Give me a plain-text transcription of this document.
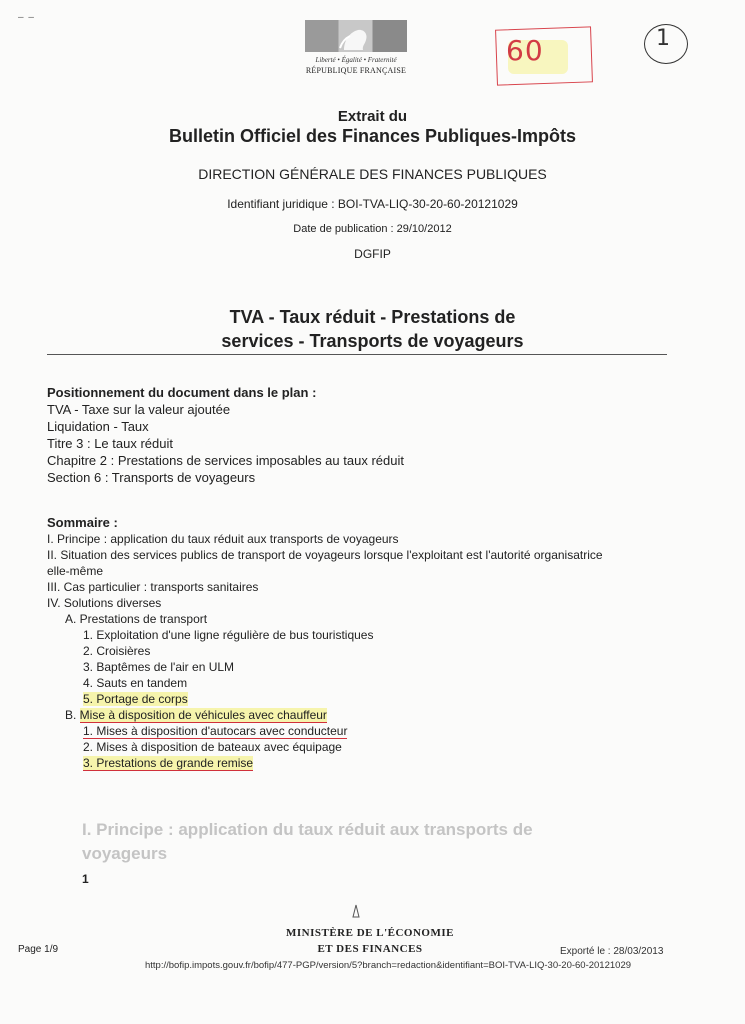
Liberté • Égalité • Fraternité
RÉPUBLIQUE FRANÇAISE
– –
60	1
Extrait du
Bulletin Officiel des Finances Publiques-Impôts
DIRECTION GÉNÉRALE DES FINANCES PUBLIQUES
Identifiant juridique : BOI-TVA-LIQ-30-20-60-20121029
Date de publication : 29/10/2012
DGFIP
TVA - Taux réduit - Prestations de
services - Transports de voyageurs
Positionnement du document dans le plan :
TVA - Taxe sur la valeur ajoutée
Liquidation - Taux
Titre 3 : Le taux réduit
Chapitre 2 : Prestations de services imposables au taux réduit
Section 6 : Transports de voyageurs
Sommaire :
I. Principe : application du taux réduit aux transports de voyageurs
II. Situation des services publics de transport de voyageurs lorsque l'exploitant est l'autorité organisatrice
elle-même
III. Cas particulier : transports sanitaires
IV. Solutions diverses
A. Prestations de transport
1. Exploitation d'une ligne régulière de bus touristiques
2. Croisières
3. Baptêmes de l'air en ULM
4. Sauts en tandem
5. Portage de corps
B. Mise à disposition de véhicules avec chauffeur
1. Mises à disposition d'autocars avec conducteur
2. Mises à disposition de bateaux avec équipage
3. Prestations de grande remise
I. Principe : application du taux réduit aux transports de
voyageurs
1
MINISTÈRE DE L'ÉCONOMIE
ET DES FINANCES
Page 1/9	Exporté le : 28/03/2013
http://bofip.impots.gouv.fr/bofip/477-PGP/version/5?branch=redaction&identifiant=BOI-TVA-LIQ-30-20-60-20121029
